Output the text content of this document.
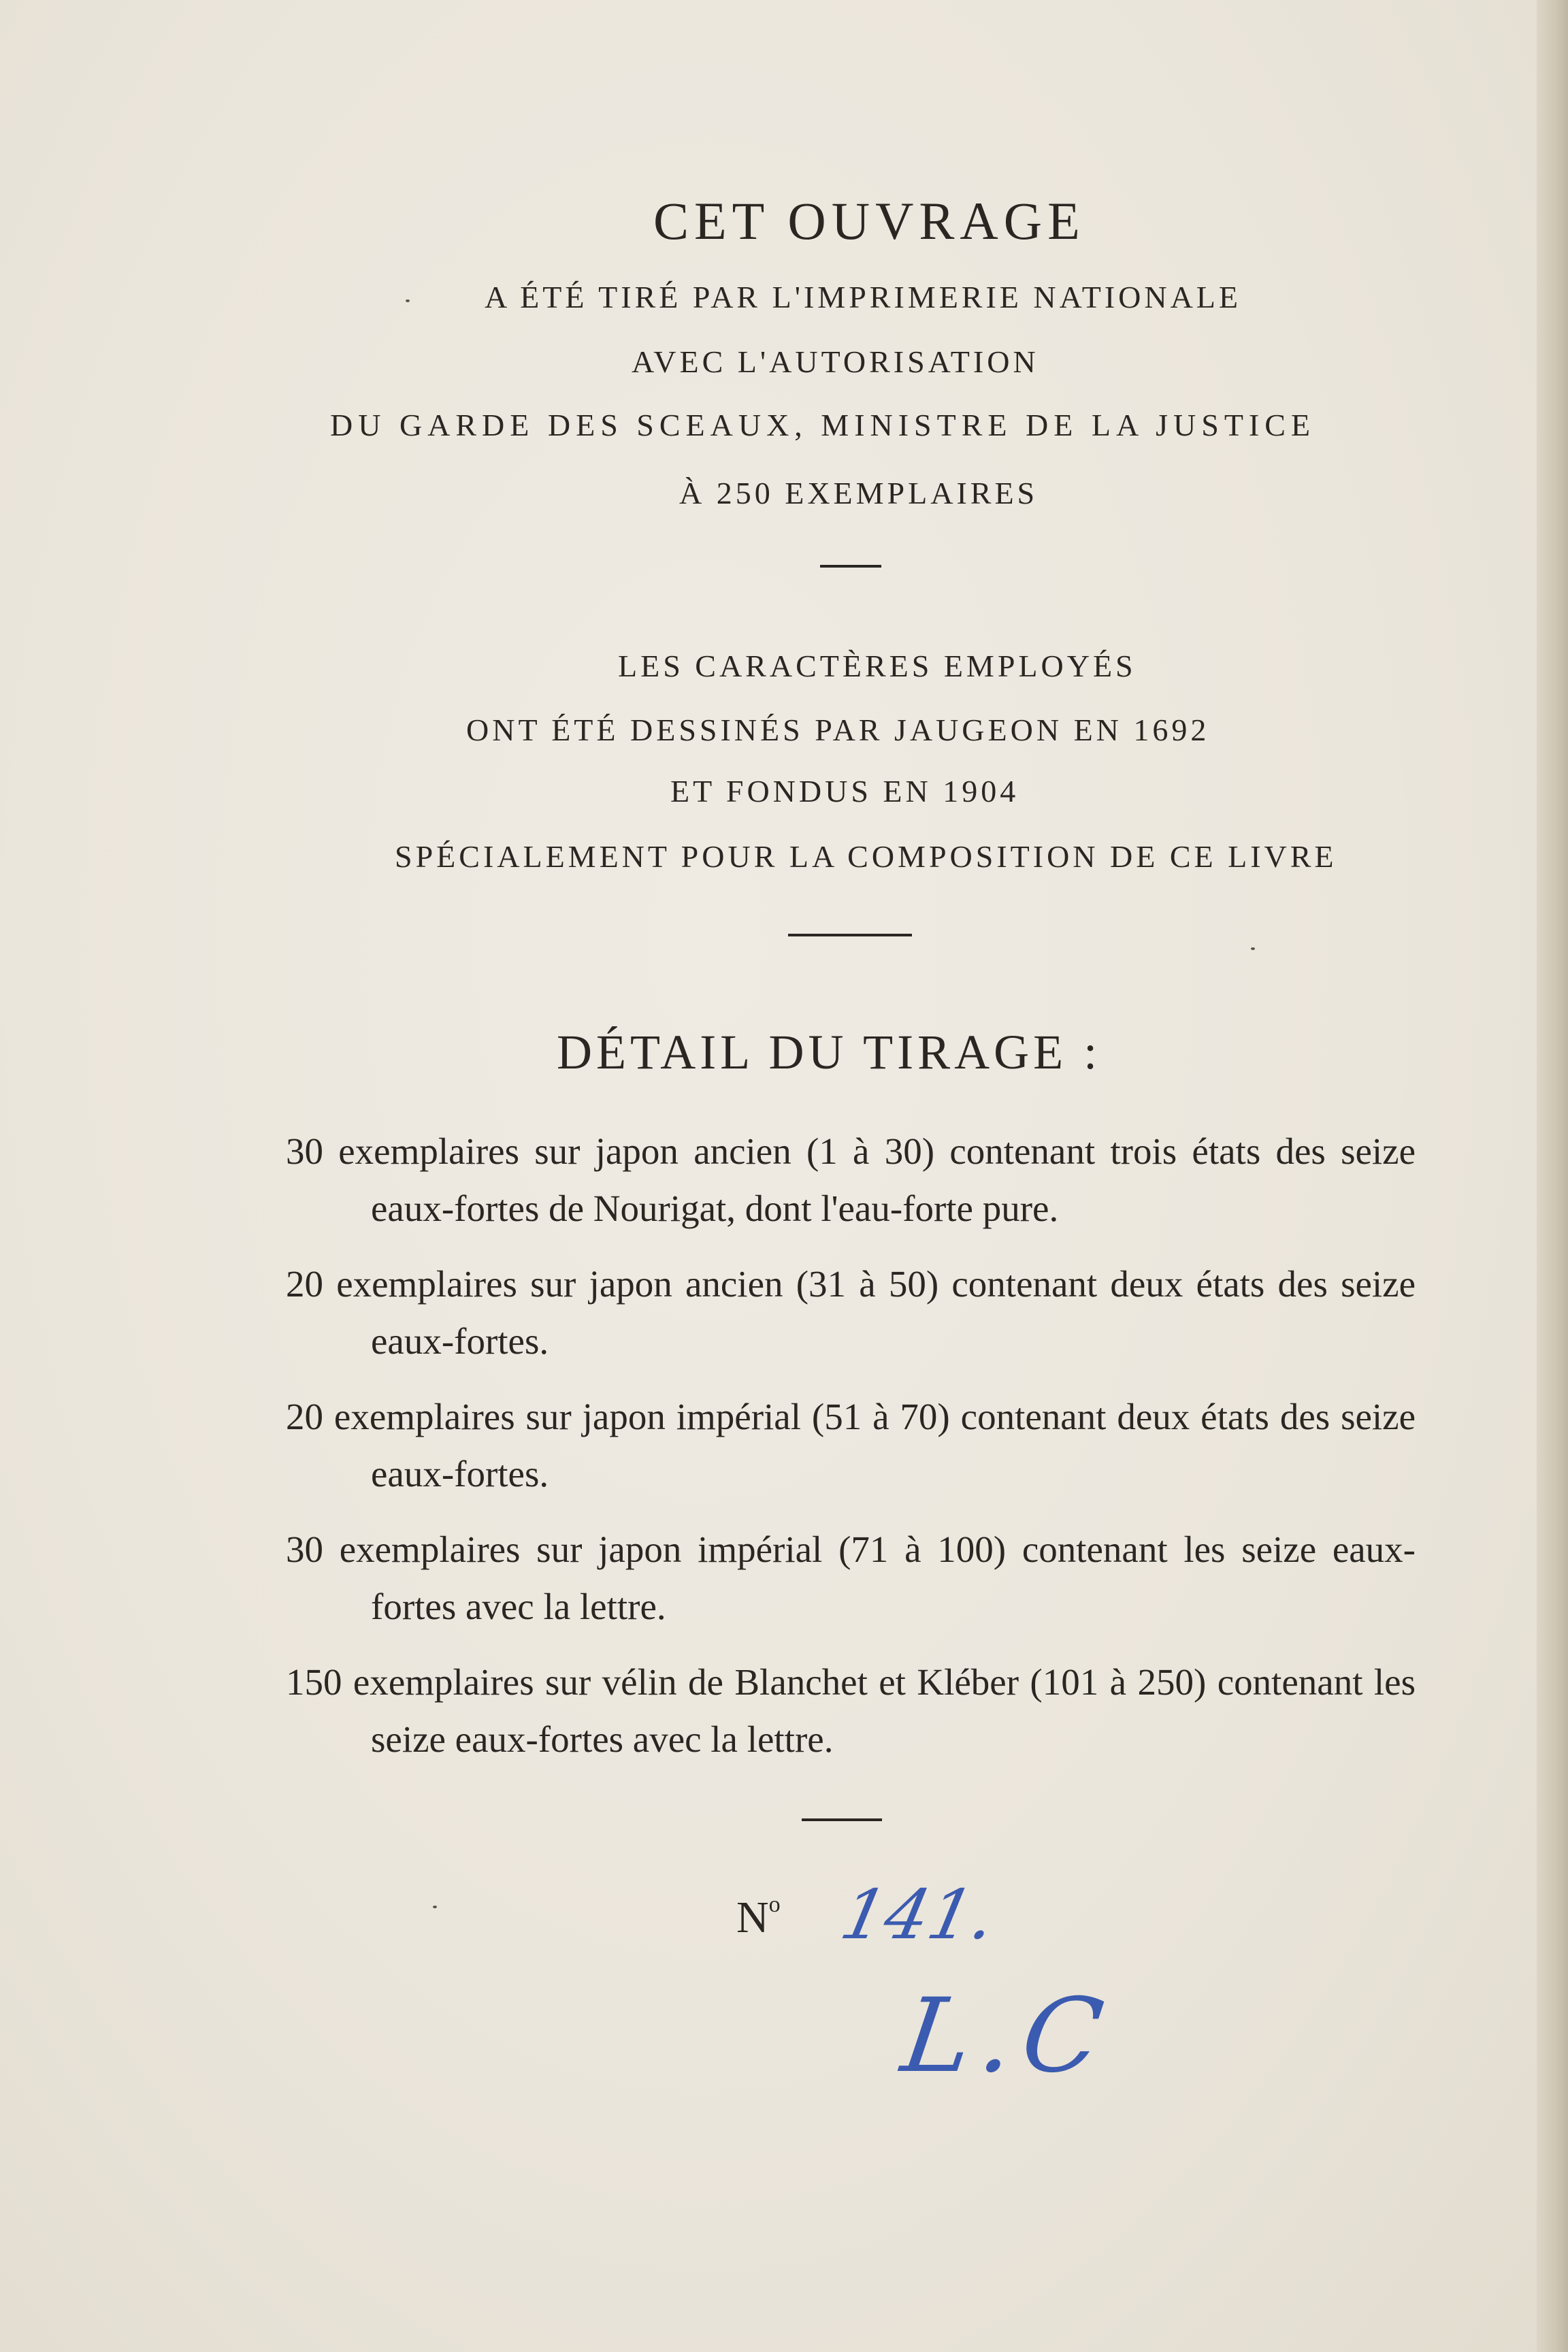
CET OUVRAGE
A ÉTÉ TIRÉ PAR L'IMPRIMERIE NATIONALE
AVEC L'AUTORISATION
DU GARDE DES SCEAUX, MINISTRE DE LA JUSTICE
À 250 EXEMPLAIRES
LES CARACTÈRES EMPLOYÉS
ONT ÉTÉ DESSINÉS PAR JAUGEON EN 1692
ET FONDUS EN 1904
SPÉCIALEMENT POUR LA COMPOSITION DE CE LIVRE
DÉTAIL DU TIRAGE :
30 exemplaires sur japon ancien (1 à 30) contenant trois états des seize eaux-fortes de Nourigat, dont l'eau-forte pure.
20 exemplaires sur japon ancien (31 à 50) contenant deux états des seize eaux-fortes.
20 exemplaires sur japon impérial (51 à 70) contenant deux états des seize eaux-fortes.
30 exemplaires sur japon impérial (71 à 100) contenant les seize eaux-fortes avec la lettre.
150 exemplaires sur vélin de Blanchet et Kléber (101 à 250) contenant les seize eaux-fortes avec la lettre.
$N^o$ 141.
L.C
